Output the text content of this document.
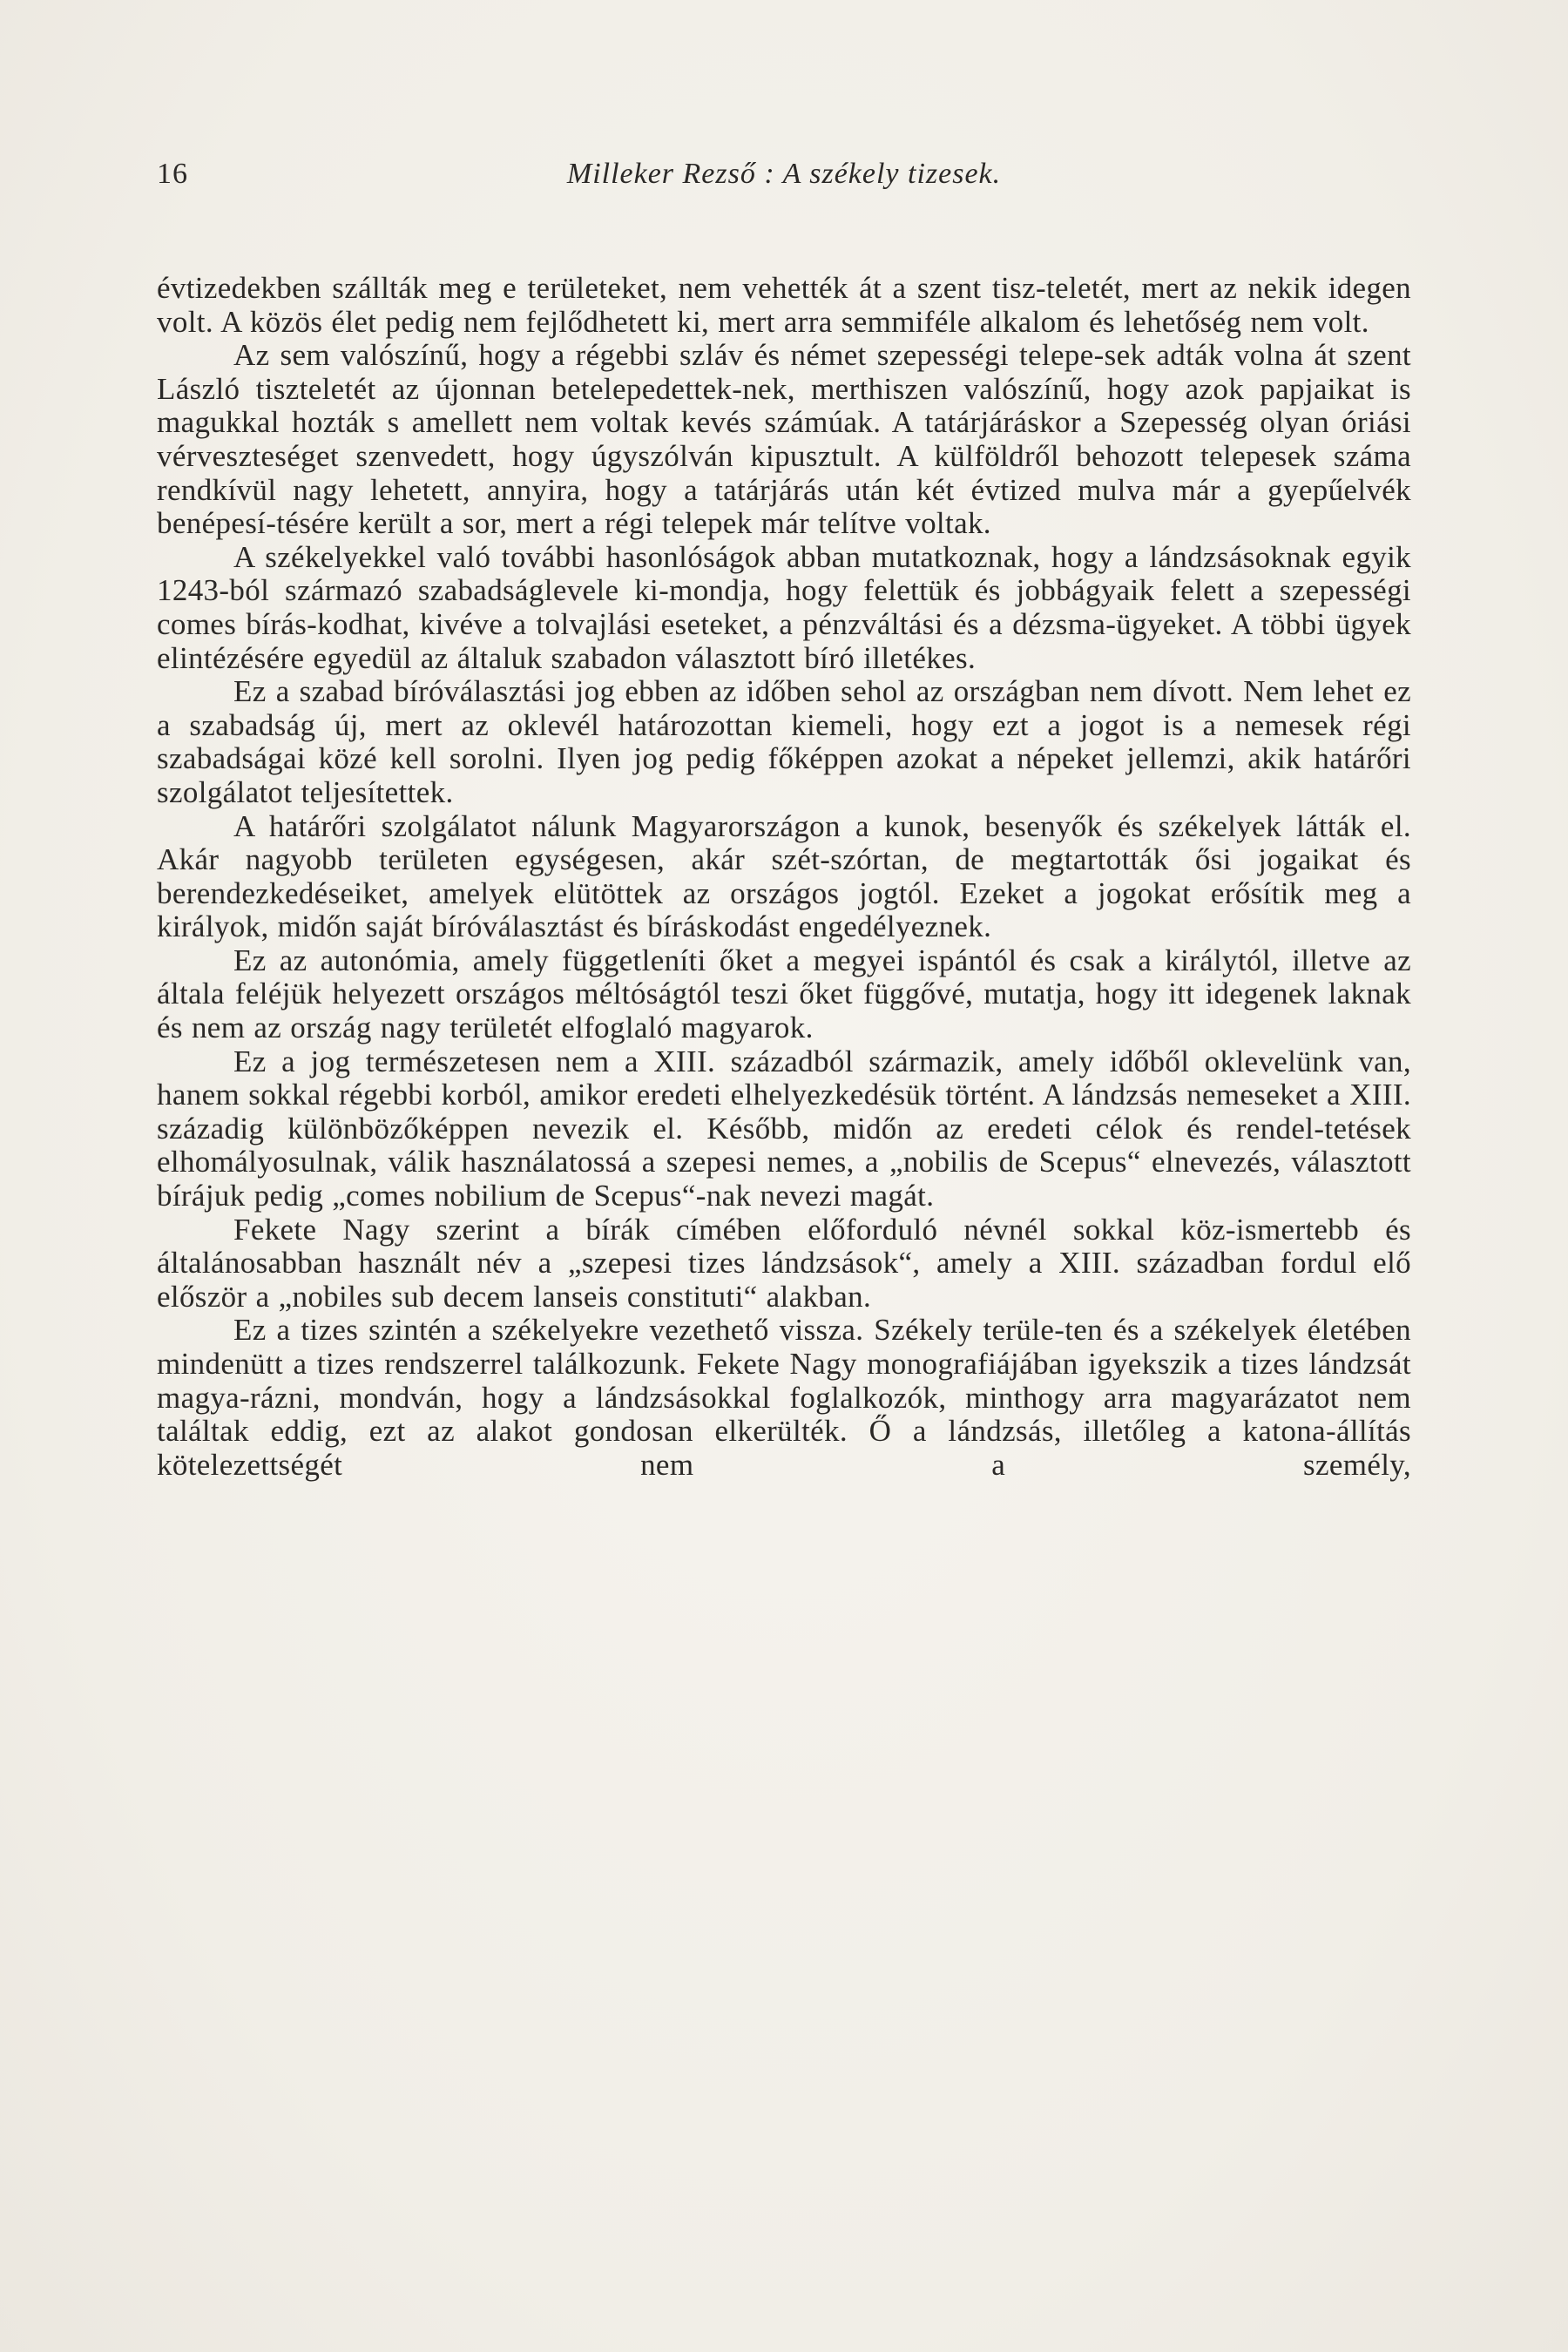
16	Milleker Rezső : A székely tizesek.

évtizedekben szállták meg e területeket, nem vehették át a szent tisz-teletét, mert az nekik idegen volt. A közös élet pedig nem fejlődhetett ki, mert arra semmiféle alkalom és lehetőség nem volt.

Az sem valószínű, hogy a régebbi szláv és német szepességi telepe-sek adták volna át szent László tiszteletét az újonnan betelepedettek-nek, merthiszen valószínű, hogy azok papjaikat is magukkal hozták s amellett nem voltak kevés számúak. A tatárjáráskor a Szepesség olyan óriási vérveszteséget szenvedett, hogy úgyszólván kipusztult. A külföldről behozott telepesek száma rendkívül nagy lehetett, annyira, hogy a tatárjárás után két évtized mulva már a gyepűelvék benépesí-tésére került a sor, mert a régi telepek már telítve voltak.

A székelyekkel való további hasonlóságok abban mutatkoznak, hogy a lándzsásoknak egyik 1243-ból származó szabadságlevele ki-mondja, hogy felettük és jobbágyaik felett a szepességi comes bírás-kodhat, kivéve a tolvajlási eseteket, a pénzváltási és a dézsma-ügyeket. A többi ügyek elintézésére egyedül az általuk szabadon választott bíró illetékes.

Ez a szabad bíróválasztási jog ebben az időben sehol az országban nem dívott. Nem lehet ez a szabadság új, mert az oklevél határozottan kiemeli, hogy ezt a jogot is a nemesek régi szabadságai közé kell sorolni. Ilyen jog pedig főképpen azokat a népeket jellemzi, akik határőri szolgálatot teljesítettek.

A határőri szolgálatot nálunk Magyarországon a kunok, besenyők és székelyek látták el. Akár nagyobb területen egységesen, akár szét-szórtan, de megtartották ősi jogaikat és berendezkedéseiket, amelyek elütöttek az országos jogtól. Ezeket a jogokat erősítik meg a királyok, midőn saját bíróválasztást és bíráskodást engedélyeznek.

Ez az autonómia, amely függetleníti őket a megyei ispántól és csak a királytól, illetve az általa feléjük helyezett országos méltóságtól teszi őket függővé, mutatja, hogy itt idegenek laknak és nem az ország nagy területét elfoglaló magyarok.

Ez a jog természetesen nem a XIII. századból származik, amely időből oklevelünk van, hanem sokkal régebbi korból, amikor eredeti elhelyezkedésük történt. A lándzsás nemeseket a XIII. századig különbözőképpen nevezik el. Később, midőn az eredeti célok és rendel-tetések elhomályosulnak, válik használatossá a szepesi nemes, a „nobilis de Scepus“ elnevezés, választott bírájuk pedig „comes nobilium de Scepus“-nak nevezi magát.

Fekete Nagy szerint a bírák címében előforduló névnél sokkal köz-ismertebb és általánosabban használt név a „szepesi tizes lándzsások“, amely a XIII. században fordul elő először a „nobiles sub decem lanseis constituti“ alakban.

Ez a tizes szintén a székelyekre vezethető vissza. Székely terüle-ten és a székelyek életében mindenütt a tizes rendszerrel találkozunk. Fekete Nagy monografiájában igyekszik a tizes lándzsát magya-rázni, mondván, hogy a lándzsásokkal foglalkozók, minthogy arra magyarázatot nem találtak eddig, ezt az alakot gondosan elkerülték. Ő a lándzsás, illetőleg a katona-állítás kötelezettségét nem a személy,
